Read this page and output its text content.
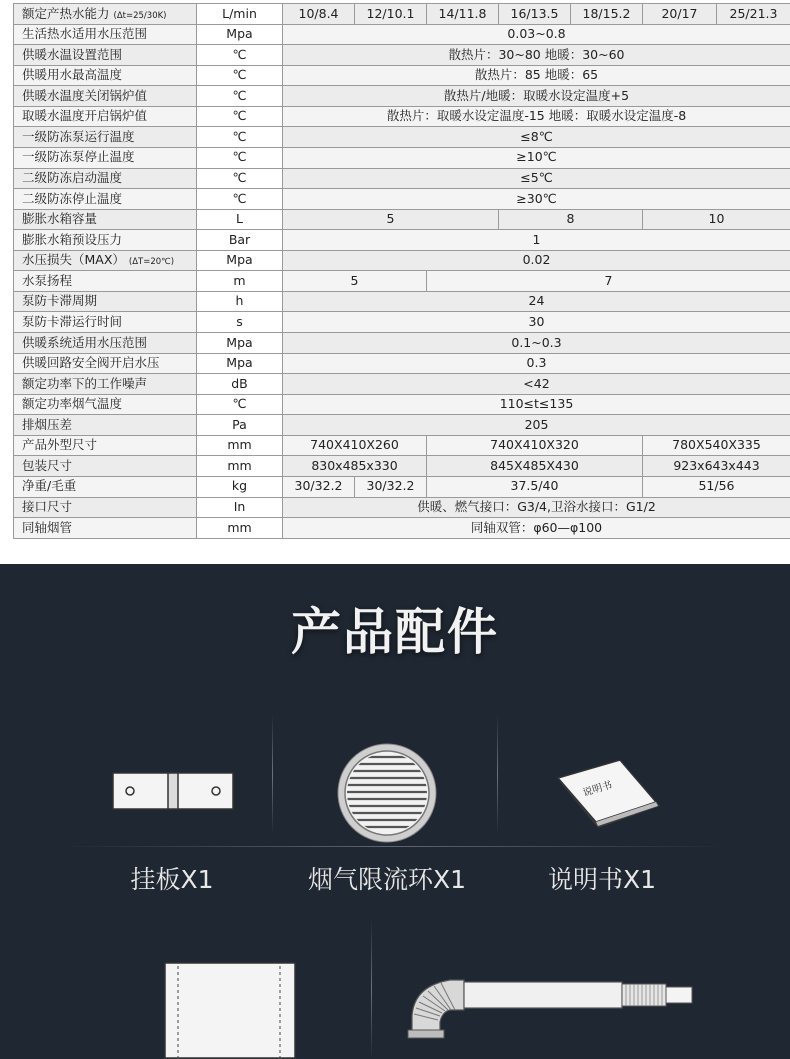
额定产热水能力 (Δt=25/30K)	L/min	10/8.4	12/10.1	14/11.8	16/13.5	18/15.2	20/17	25/21.3
生活热水适用水压范围	Mpa	0.03~0.8						
供暖水温设置范围	℃	散热片：30~80 地暖：30~60						
供暖用水最高温度	℃	散热片：85 地暖：65						
供暖水温度关闭锅炉值	℃	散热片/地暖：取暖水设定温度+5						
取暖水温度开启锅炉值	℃	散热片：取暖水设定温度-15 地暖：取暖水设定温度-8						
一级防冻泵运行温度	℃	≤8℃						
一级防冻泵停止温度	℃	≥10℃						
二级防冻启动温度	℃	≤5℃						
二级防冻停止温度	℃	≥30℃						
膨胀水箱容量	L	5			8		10	
膨胀水箱预设压力	Bar	1						
水压损失（MAX） (ΔT=20℃)	Mpa	0.02						
水泵扬程	m	5		7				
泵防卡滞周期	h	24						
泵防卡滞运行时间	s	30						
供暖系统适用水压范围	Mpa	0.1~0.3						
供暖回路安全阀开启水压	Mpa	0.3						
额定功率下的工作噪声	dB	<42						
额定功率烟气温度	℃	110≤t≤135						
排烟压差	Pa	205						
产品外型尺寸	mm	740X410X260		740X410X320			780X540X335	
包装尺寸	mm	830x485x330		845X485X430			923x643x443	
净重/毛重	kg	30/32.2	30/32.2	37.5/40			51/56	
接口尺寸	In	供暖、燃气接口：G3/4,卫浴水接口：G1/2						
同轴烟管	mm	同轴双管：φ60—φ100						
产品配件
挂板X1	烟气限流环X1
说明书
说明书X1
